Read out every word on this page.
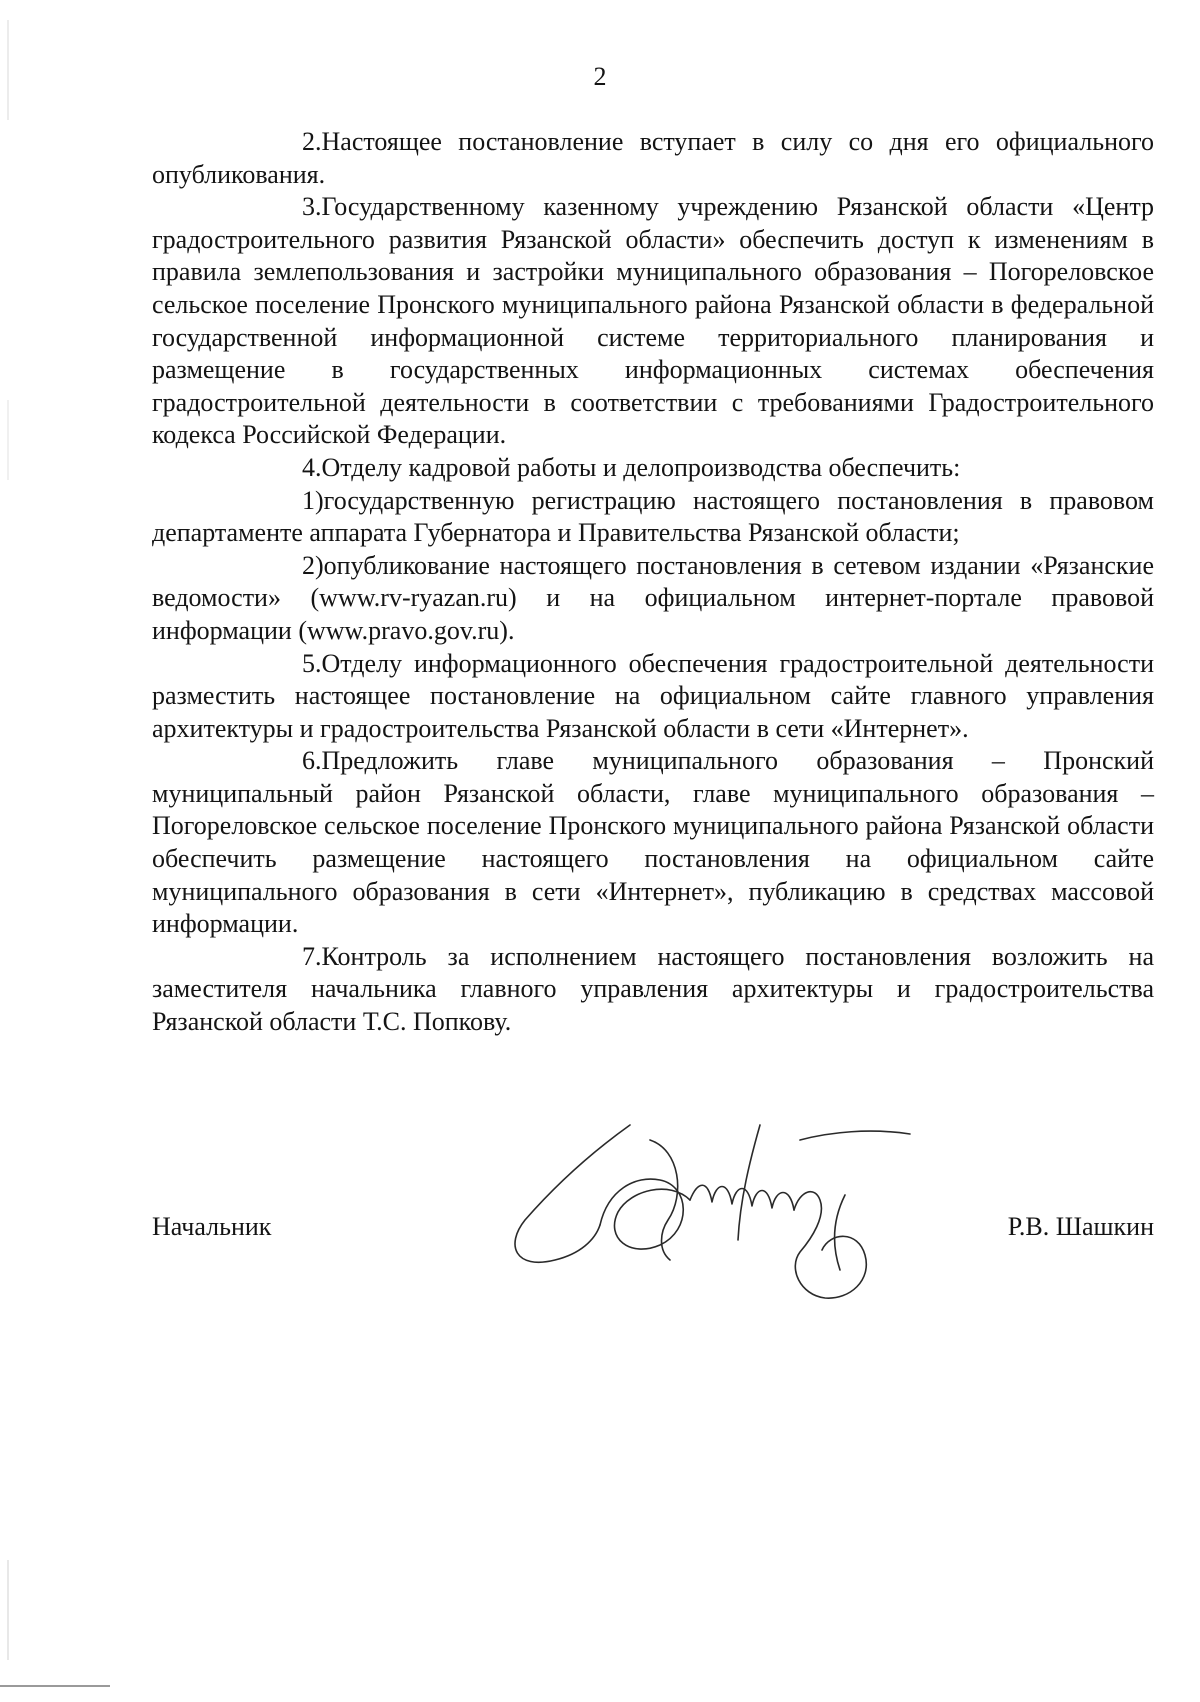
2

2.Настоящее постановление вступает в силу со дня его официального опубликования.

3.Государственному казенному учреждению Рязанской области «Центр градостроительного развития Рязанской области» обеспечить доступ к изменениям в правила землепользования и застройки муниципального образования – Погореловское сельское поселение Пронского муниципального района Рязанской области в федеральной государственной информационной системе территориального планирования и размещение в государственных информационных системах обеспечения градостроительной деятельности в соответствии с требованиями Градостроительного кодекса Российской Федерации.

4.Отделу кадровой работы и делопроизводства обеспечить:

1)государственную регистрацию настоящего постановления в правовом департаменте аппарата Губернатора и Правительства Рязанской области;

2)опубликование настоящего постановления в сетевом издании «Рязанские ведомости» (www.rv-ryazan.ru) и на официальном интернет-портале правовой информации (www.pravo.gov.ru).

5.Отделу информационного обеспечения градостроительной деятельности разместить настоящее постановление на официальном сайте главного управления архитектуры и градостроительства Рязанской области в сети «Интернет».

6.Предложить главе муниципального образования – Пронский муниципальный район Рязанской области, главе муниципального образования – Погореловское сельское поселение Пронского муниципального района Рязанской области обеспечить размещение настоящего постановления на официальном сайте муниципального образования в сети «Интернет», публикацию в средствах массовой информации.

7.Контроль за исполнением настоящего постановления возложить на заместителя начальника главного управления архитектуры и градостроительства Рязанской области Т.С. Попкову.

Начальник	Р.В. Шашкин
